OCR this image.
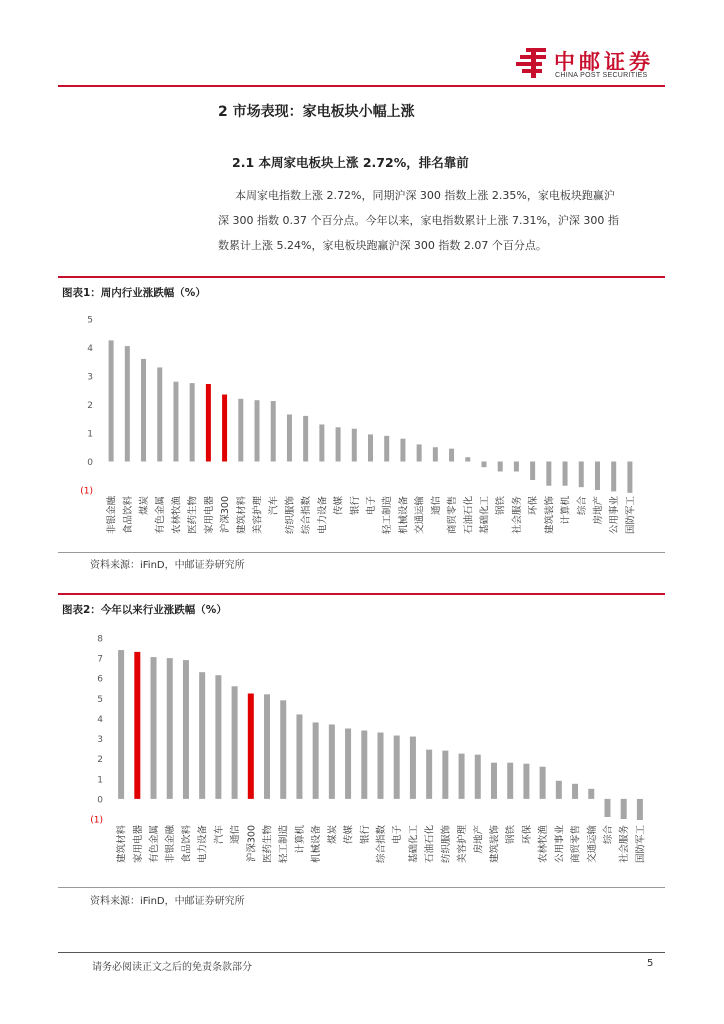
中邮证券
CHINA POST SECURITIES
2 市场表现：家电板块小幅上涨
2.1 本周家电板块上涨 2.72%，排名靠前
本周家电指数上涨 2.72%，同期沪深 300 指数上涨 2.35%，家电板块跑赢沪
深 300 指数 0.37 个百分点。今年以来，家电指数累计上涨 7.31%，沪深 300 指
数累计上涨 5.24%，家电板块跑赢沪深 300 指数 2.07 个百分点。
图表1：周内行业涨跌幅（%）
(1)
0
1
2
3
4
5
非银金融 食品饮料 煤炭 有色金属 农林牧渔 医药生物 家用电器 沪深300 建筑材料 美容护理 汽车 纺织服饰 综合指数 电力设备 传媒 银行 电子 轻工制造 机械设备 交通运输 通信 商贸零售 石油石化 基础化工 钢铁 社会服务 环保 建筑装饰 计算机 综合 房地产 公用事业 国防军工
资料来源：iFinD，中邮证券研究所
图表2：今年以来行业涨跌幅（%）
(1)
0
1
2
3
4
5
6
7
8
建筑材料 家用电器 有色金属 非银金融 食品饮料 电力设备 汽车 通信 沪深300 医药生物 轻工制造 计算机 机械设备 煤炭 传媒 银行 综合指数 电子 基础化工 石油石化 纺织服饰 美容护理 房地产 建筑装饰 钢铁 环保 农林牧渔 公用事业 商贸零售 交通运输 综合 社会服务 国防军工
资料来源：iFinD，中邮证券研究所
请务必阅读正文之后的免责条款部分	5
